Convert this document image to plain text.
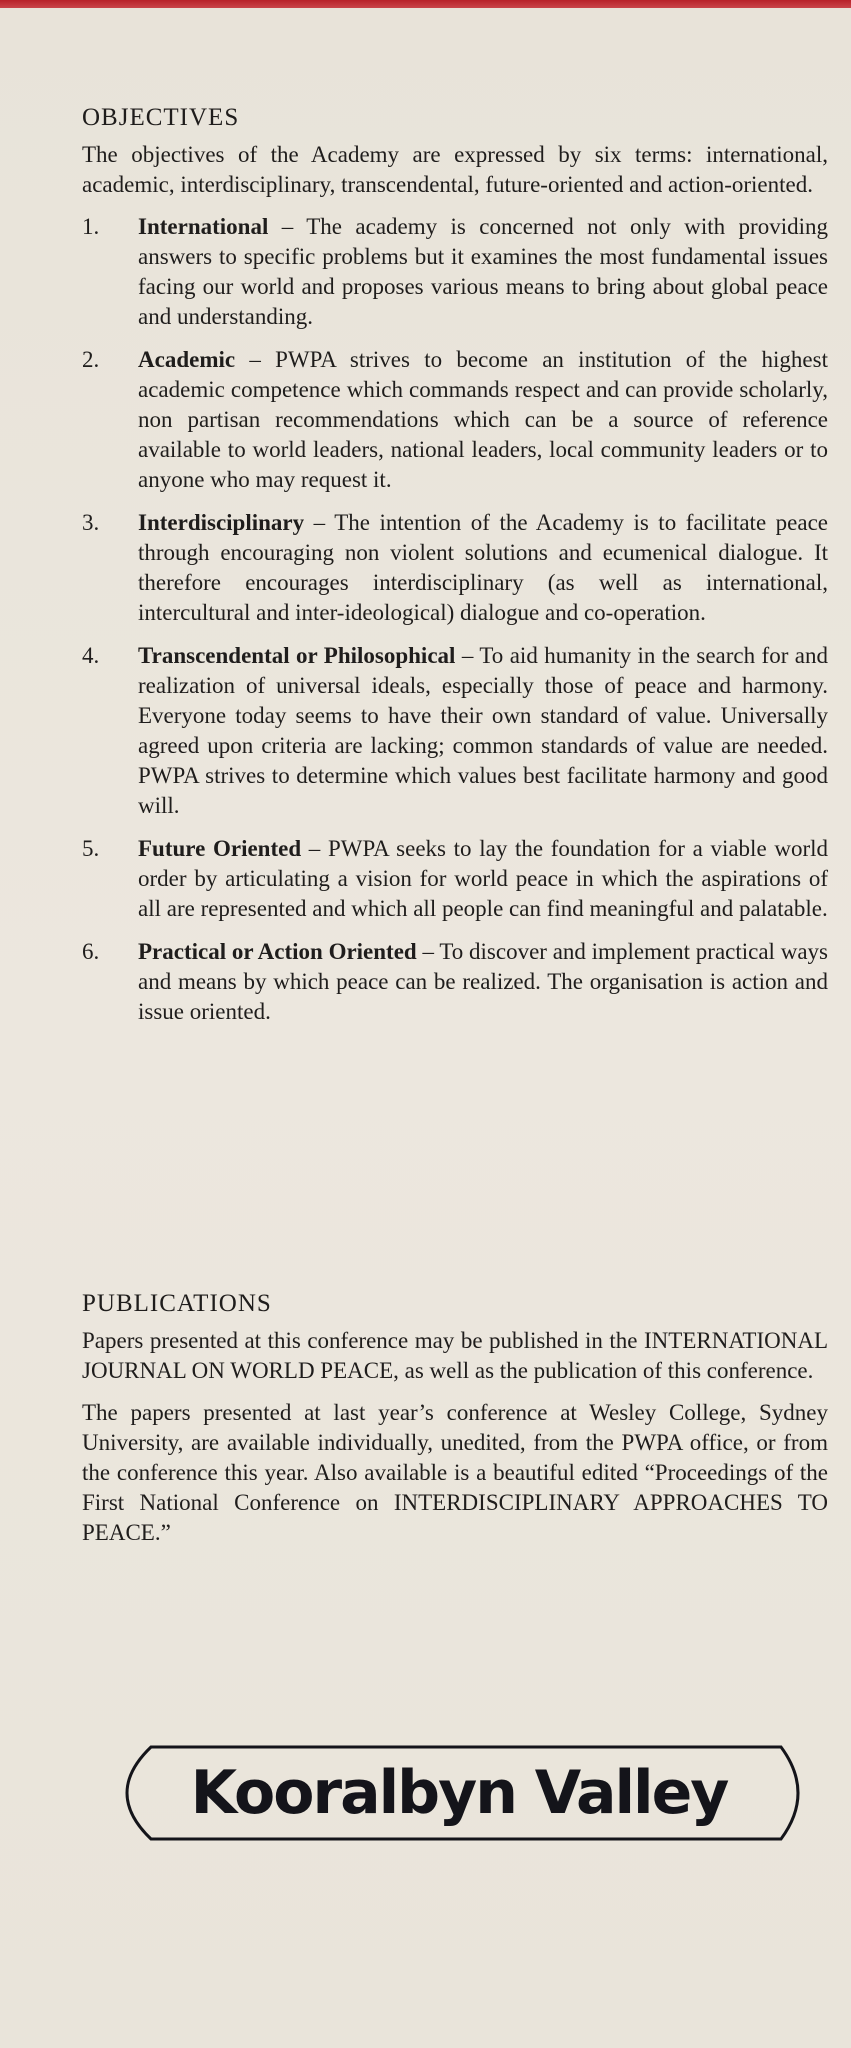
OBJECTIVES

The objectives of the Academy are expressed by six terms: international, academic, interdisciplinary, transcendental, future-oriented and action-oriented.

1. International – The academy is concerned not only with providing answers to specific problems but it examines the most fundamental issues facing our world and proposes various means to bring about global peace and understanding.
2. Academic – PWPA strives to become an institution of the highest academic competence which commands respect and can provide scholarly, non partisan recommendations which can be a source of reference available to world leaders, national leaders, local community leaders or to anyone who may request it.
3. Interdisciplinary – The intention of the Academy is to facilitate peace through encouraging non violent solutions and ecumenical dialogue. It therefore encourages interdisciplinary (as well as international, intercultural and inter-ideological) dialogue and co-operation.
4. Transcendental or Philosophical – To aid humanity in the search for and realization of universal ideals, especially those of peace and harmony. Everyone today seems to have their own standard of value. Universally agreed upon criteria are lacking; common standards of value are needed. PWPA strives to determine which values best facilitate harmony and good will.
5. Future Oriented – PWPA seeks to lay the foundation for a viable world order by articulating a vision for world peace in which the aspirations of all are represented and which all people can find meaningful and palatable.
6. Practical or Action Oriented – To discover and implement practical ways and means by which peace can be realized. The organisation is action and issue oriented.
PUBLICATIONS

Papers presented at this conference may be published in the INTERNATIONAL JOURNAL ON WORLD PEACE, as well as the publication of this conference.

The papers presented at last year’s conference at Wesley College, Sydney University, are available individually, unedited, from the PWPA office, or from the conference this year. Also available is a beautiful edited “Proceedings of the First National Conference on INTERDISCIPLINARY APPROACHES TO PEACE.”

Kooralbyn Valley
